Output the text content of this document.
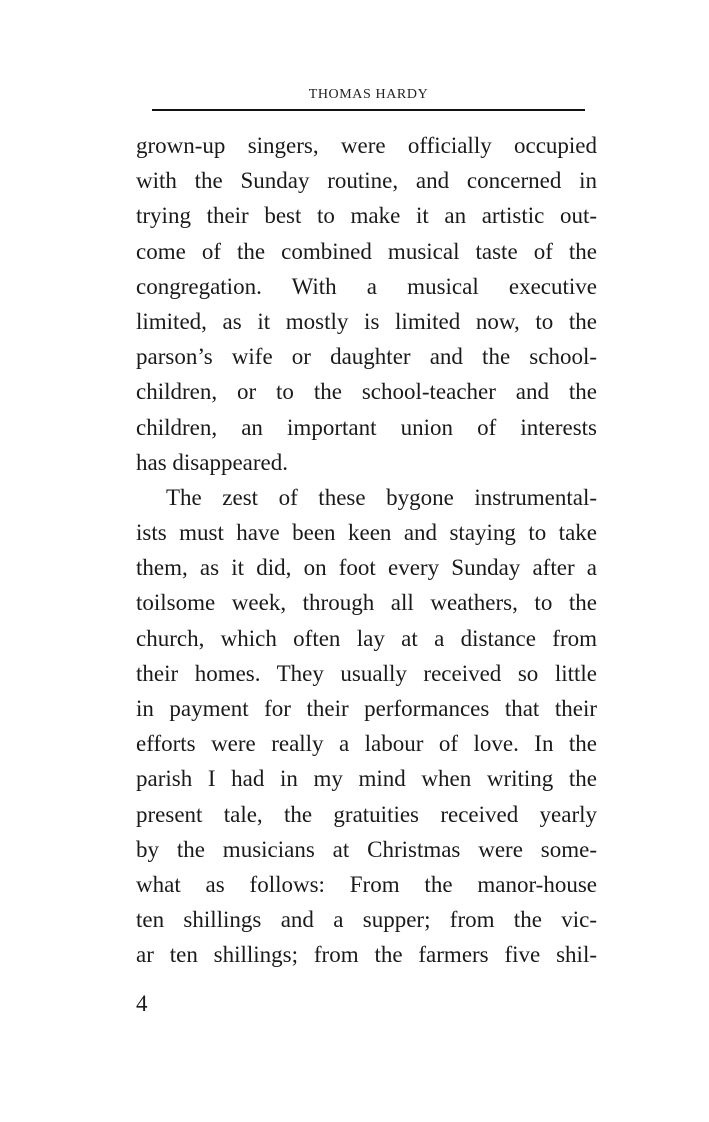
THOMAS HARDY
grown-up singers, were officially occupied
with the Sunday routine, and concerned in
trying their best to make it an artistic out-
come of the combined musical taste of the
congregation. With a musical executive
limited, as it mostly is limited now, to the
parson’s wife or daughter and the school-
children, or to the school-teacher and the
children, an important union of interests
has disappeared.
The zest of these bygone instrumental-
ists must have been keen and staying to take
them, as it did, on foot every Sunday after a
toilsome week, through all weathers, to the
church, which often lay at a distance from
their homes. They usually received so little
in payment for their performances that their
efforts were really a labour of love. In the
parish I had in my mind when writing the
present tale, the gratuities received yearly
by the musicians at Christmas were some-
what as follows: From the manor-house
ten shillings and a supper; from the vic-
ar ten shillings; from the farmers five shil-
4
